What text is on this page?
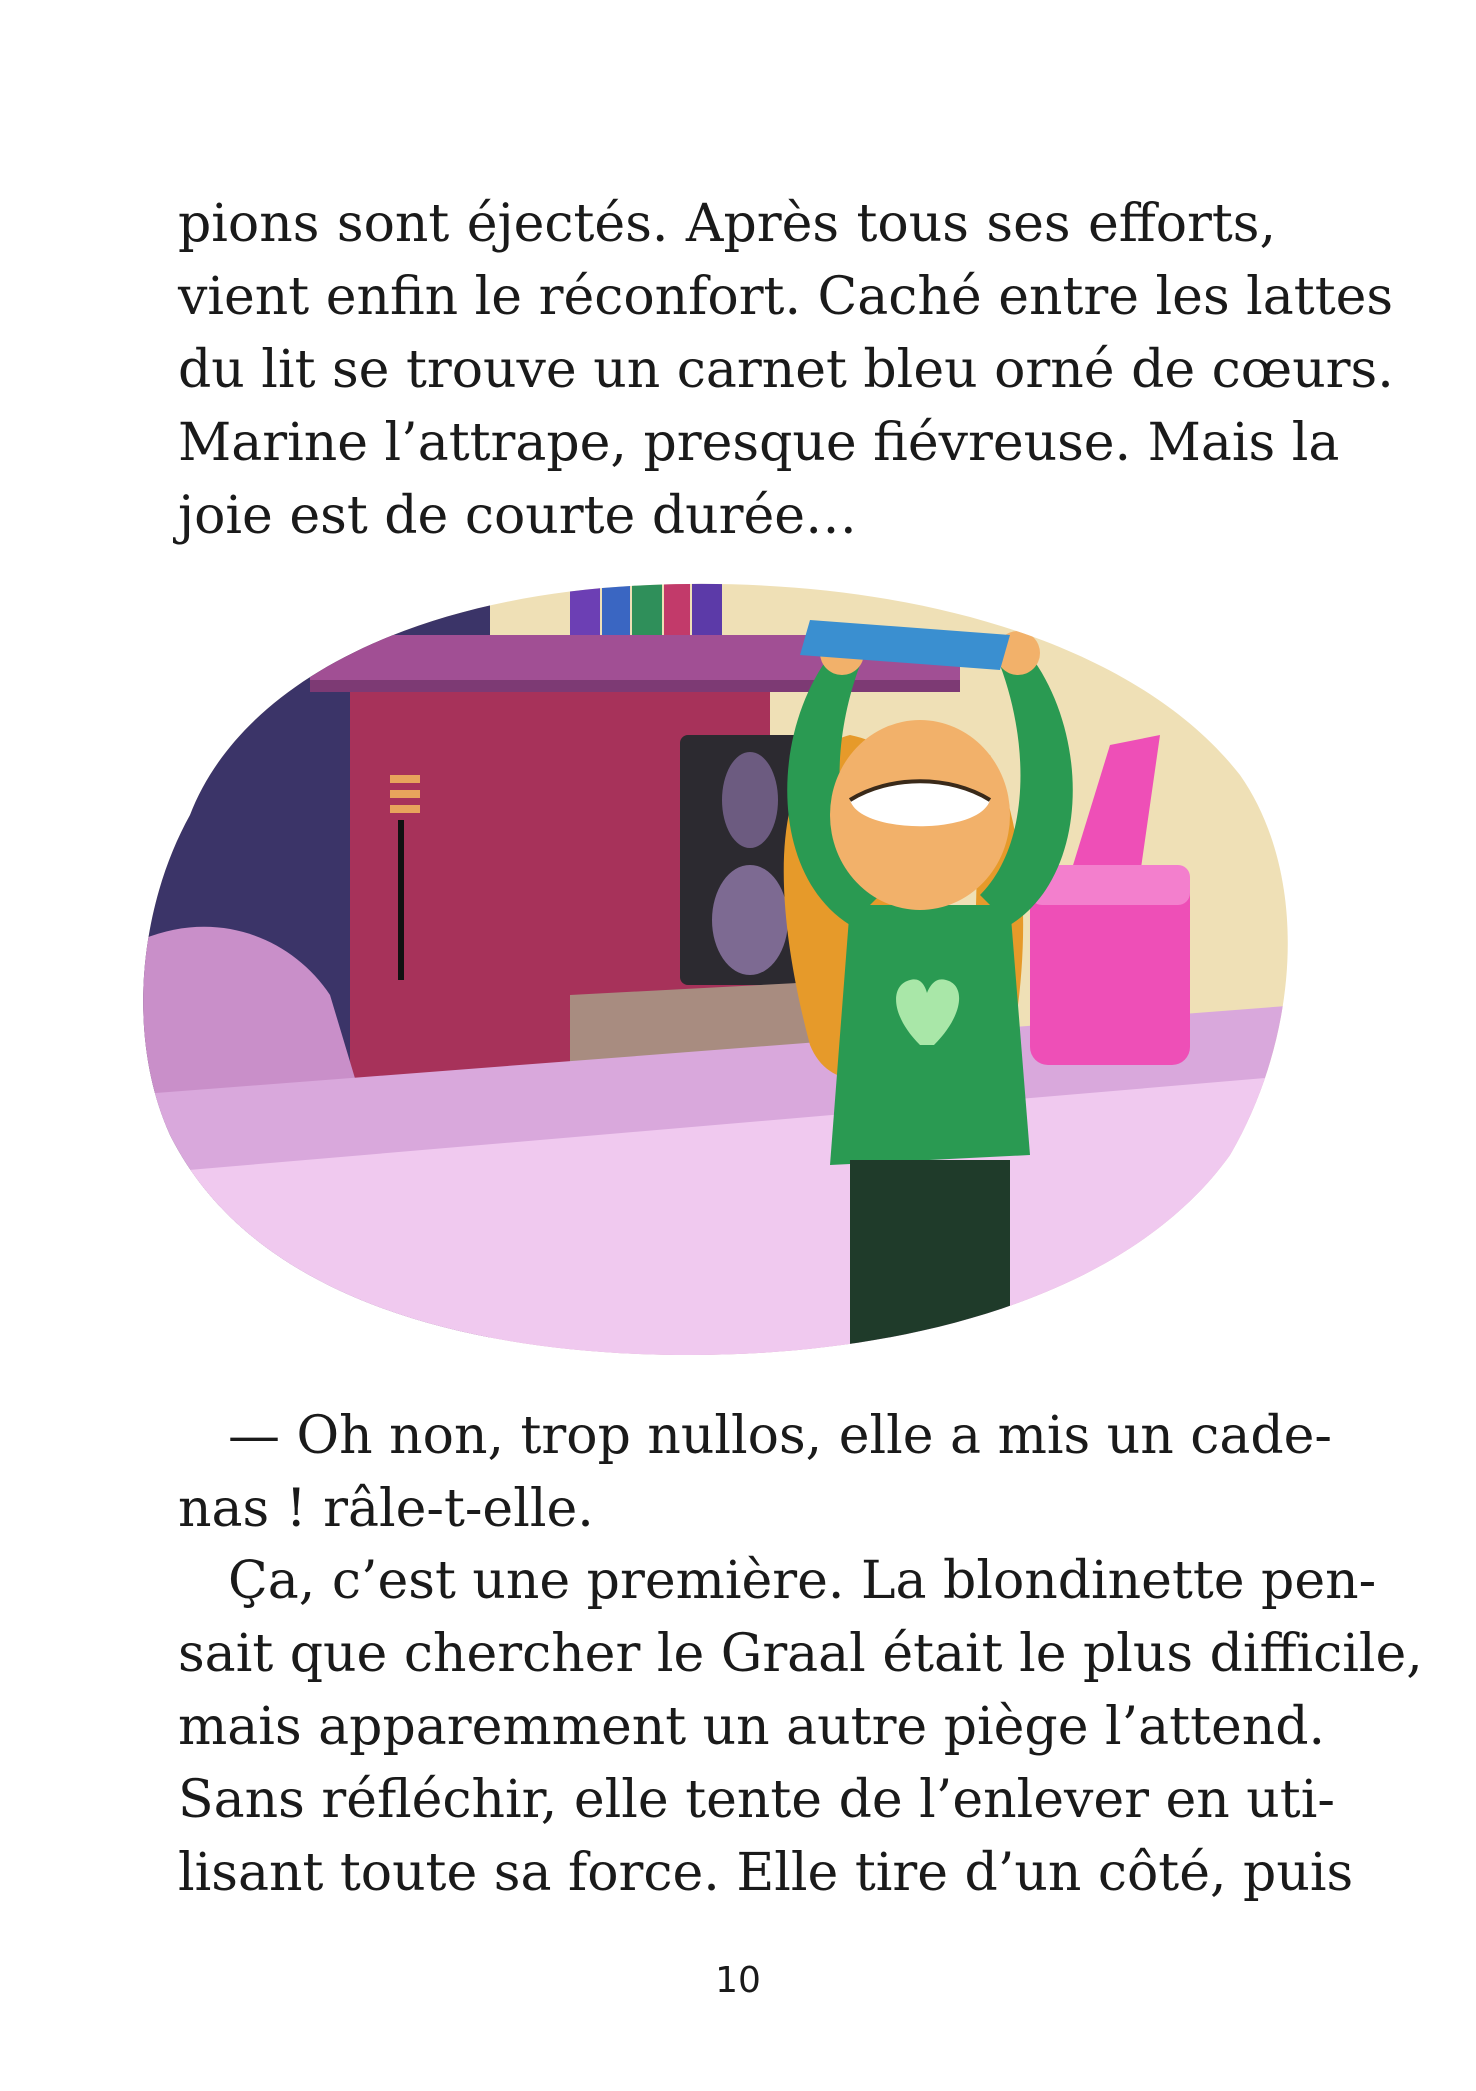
pions sont éjectés. Après tous ses efforts,
vient enfin le réconfort. Caché entre les lattes
du lit se trouve un carnet bleu orné de cœurs.
Marine l’attrape, presque fiévreuse. Mais la
joie est de courte durée…

— Oh non, trop nullos, elle a mis un cade-
nas ! râle-t-elle.

Ça, c’est une première. La blondinette pen-
sait que chercher le Graal était le plus difficile,
mais apparemment un autre piège l’attend.
Sans réfléchir, elle tente de l’enlever en uti-
lisant toute sa force. Elle tire d’un côté, puis

10
